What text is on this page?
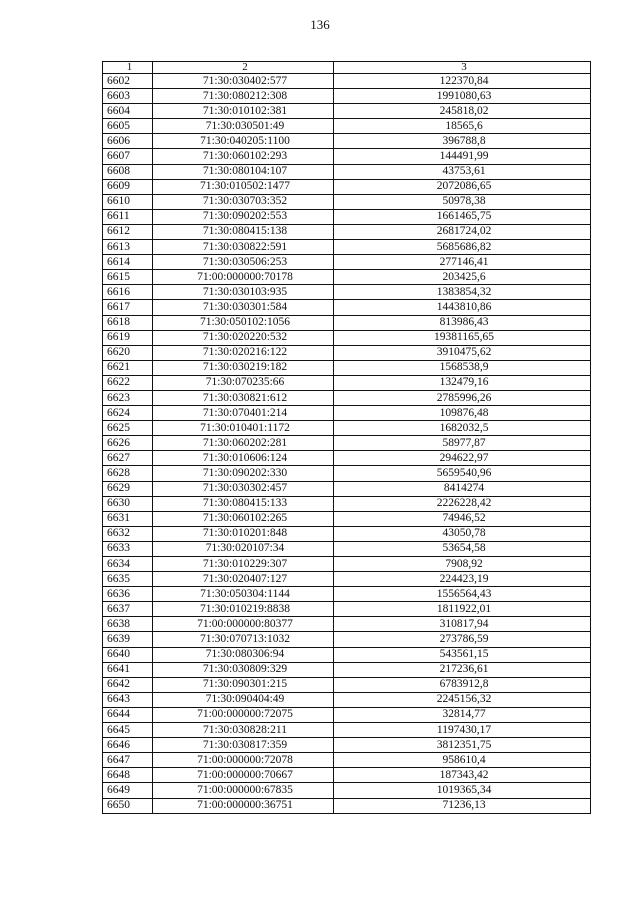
136
1	2	3
6602	71:30:030402:577	122370,84
6603	71:30:080212:308	1991080,63
6604	71:30:010102:381	245818,02
6605	71:30:030501:49	18565,6
6606	71:30:040205:1100	396788,8
6607	71:30:060102:293	144491,99
6608	71:30:080104:107	43753,61
6609	71:30:010502:1477	2072086,65
6610	71:30:030703:352	50978,38
6611	71:30:090202:553	1661465,75
6612	71:30:080415:138	2681724,02
6613	71:30:030822:591	5685686,82
6614	71:30:030506:253	277146,41
6615	71:00:000000:70178	203425,6
6616	71:30:030103:935	1383854,32
6617	71:30:030301:584	1443810,86
6618	71:30:050102:1056	813986,43
6619	71:30:020220:532	19381165,65
6620	71:30:020216:122	3910475,62
6621	71:30:030219:182	1568538,9
6622	71:30:070235:66	132479,16
6623	71:30:030821:612	2785996,26
6624	71:30:070401:214	109876,48
6625	71:30:010401:1172	1682032,5
6626	71:30:060202:281	58977,87
6627	71:30:010606:124	294622,97
6628	71:30:090202:330	5659540,96
6629	71:30:030302:457	8414274
6630	71:30:080415:133	2226228,42
6631	71:30:060102:265	74946,52
6632	71:30:010201:848	43050,78
6633	71:30:020107:34	53654,58
6634	71:30:010229:307	7908,92
6635	71:30:020407:127	224423,19
6636	71:30:050304:1144	1556564,43
6637	71:30:010219:8838	1811922,01
6638	71:00:000000:80377	310817,94
6639	71:30:070713:1032	273786,59
6640	71:30:080306:94	543561,15
6641	71:30:030809:329	217236,61
6642	71:30:090301:215	6783912,8
6643	71:30:090404:49	2245156,32
6644	71:00:000000:72075	32814,77
6645	71:30:030828:211	1197430,17
6646	71:30:030817:359	3812351,75
6647	71:00:000000:72078	958610,4
6648	71:00:000000:70667	187343,42
6649	71:00:000000:67835	1019365,34
6650	71:00:000000:36751	71236,13
